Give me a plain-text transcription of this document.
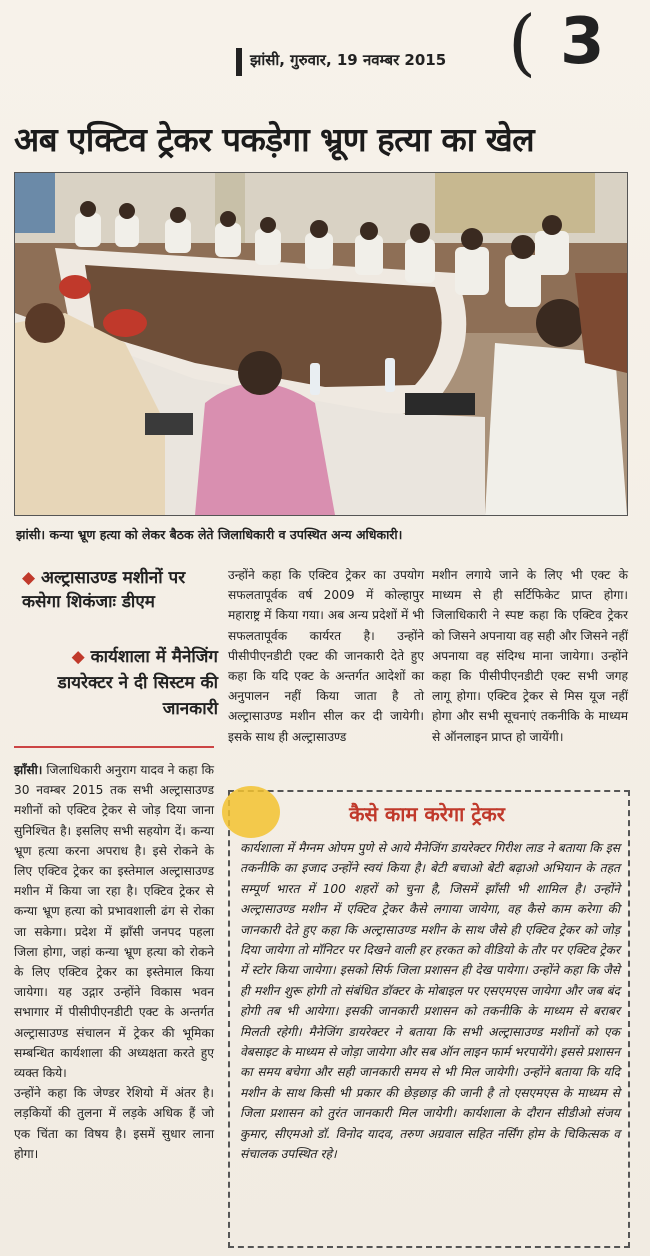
झांसी, गुरुवार, 19 नवम्बर 2015 ( 3
अब एक्टिव ट्रेकर पकड़ेगा भ्रूण हत्या का खेल
झांसी। कन्या भ्रूण हत्या को लेकर बैठक लेते जिलाधिकारी व उपस्थित अन्य अधिकारी।
◆ अल्ट्रासाउण्ड मशीनों पर कसेगा शिकंजाः डीएम
◆ कार्यशाला में मैनेजिंग डायरेक्टर ने दी सिस्टम की जानकारी

झाँसी। जिलाधिकारी अनुराग यादव ने कहा कि 30 नवम्बर 2015 तक सभी अल्ट्रासाउण्ड मशीनों को एक्टिव ट्रेकर से जोड़ दिया जाना सुनिश्चित है। इसलिए सभी सहयोग दें। कन्या भ्रूण हत्या करना अपराध है। इसे रोकने के लिए एक्टिव ट्रेकर का इस्तेमाल अल्ट्रासाउण्ड मशीन में किया जा रहा है। एक्टिव ट्रेकर से कन्या भ्रूण हत्या को प्रभावशाली ढंग से रोका जा सकेगा। प्रदेश में झाँसी जनपद पहला जिला होगा, जहां कन्या भ्रूण हत्या को रोकने के लिए एक्टिव ट्रेकर का इस्तेमाल किया जायेगा। यह उद्गार उन्होंने विकास भवन सभागार में पीसीपीएनडीटी एक्ट के अन्तर्गत अल्ट्रासाउण्ड संचालन में ट्रेकर की भूमिका सम्बन्धित कार्यशाला की अध्यक्षता करते हुए व्यक्त किये।

उन्होंने कहा कि जेण्डर रेशियो में अंतर है। लड़कियों की तुलना में लड़के अधिक हैं जो एक चिंता का विषय है। इसमें सुधार लाना होगा।

उन्होंने कहा कि एक्टिव ट्रेकर का उपयोग सफलतापूर्वक वर्ष 2009 में कोल्हापुर महाराष्ट्र में किया गया। अब अन्य प्रदेशों में भी सफलतापूर्वक कार्यरत है। उन्होंने पीसीपीएनडीटी एक्ट की जानकारी देते हुए कहा कि यदि एक्ट के अन्तर्गत आदेशों का अनुपालन नहीं किया जाता है तो अल्ट्रासाउण्ड मशीन सील कर दी जायेगी। इसके साथ ही अल्ट्रासाउण्ड

मशीन लगाये जाने के लिए भी एक्ट के माध्यम से ही सर्टिफिकेट प्राप्त होगा। जिलाधिकारी ने स्पष्ट कहा कि एक्टिव ट्रेकर को जिसने अपनाया वह सही और जिसने नहीं अपनाया वह संदिग्ध माना जायेगा। उन्होंने कहा कि पीसीपीएनडीटी एक्ट सभी जगह लागू होगा। एक्टिव ट्रेकर से मिस यूज नहीं होगा और सभी सूचनाएं तकनीकि के माध्यम से ऑनलाइन प्राप्त हो जायेंगी।

कैसे काम करेगा ट्रेकर
कार्यशाला में मैग्नम ओपम पुणे से आये मैनेजिंग डायरेक्टर गिरीश लाड ने बताया कि इस तकनीकि का इजाद उन्होंने स्वयं किया है। बेटी बचाओ बेटी बढ़ाओ अभियान के तहत सम्पूर्ण भारत में 100 शहरों को चुना है, जिसमें झाँसी भी शामिल है। उन्होंने अल्ट्रासाउण्ड मशीन में एक्टिव ट्रेकर कैसे लगाया जायेगा, वह कैसे काम करेगा की जानकारी देते हुए कहा कि अल्ट्रासाउण्ड मशीन के साथ जैसे ही एक्टिव ट्रेकर को जोड़ दिया जायेगा तो मॉनिटर पर दिखने वाली हर हरकत को वीडियो के तौर पर एक्टिव ट्रेकर में स्टोर किया जायेगा। इसको सिर्फ जिला प्रशासन ही देख पायेगा। उन्होंने कहा कि जैसे ही मशीन शुरू होगी तो संबंधित डॉक्टर के मोबाइल पर एसएमएस जायेगा और जब बंद होगी तब भी आयेगा। इसकी जानकारी प्रशासन को तकनीकि के माध्यम से बराबर मिलती रहेगी। मैनेजिंग डायरेक्टर ने बताया कि सभी अल्ट्रासाउण्ड मशीनों को एक वेबसाइट के माध्यम से जोड़ा जायेगा और सब ऑन लाइन फार्म भरपायेंगे। इससे प्रशासन का समय बचेगा और सही जानकारी समय से भी मिल जायेगी। उन्होंने बताया कि यदि मशीन के साथ किसी भी प्रकार की छेड़छाड़ की जानी है तो एसएमएस के माध्यम से जिला प्रशासन को तुरंत जानकारी मिल जायेगी। कार्यशाला के दौरान सीडीओ संजय कुमार, सीएमओ डॉ. विनोद यादव, तरुण अग्रवाल सहित नर्सिंग होम के चिकित्सक व संचालक उपस्थित रहे।
